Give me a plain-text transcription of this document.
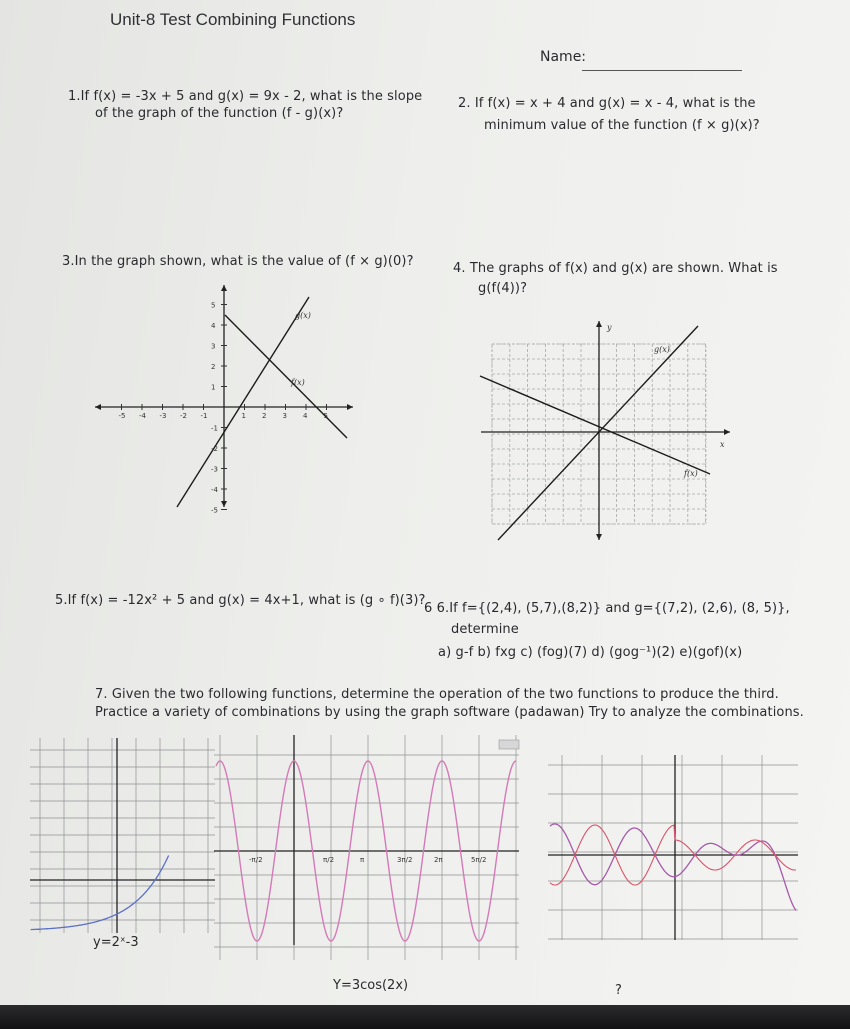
Unit-8 Test Combining Functions
Name:
1.If f(x) = -3x + 5 and g(x) = 9x - 2, what is the slope
of the graph of the function (f - g)(x)?
2. If f(x) = x + 4 and g(x) = x - 4, what is the
minimum value of the function (f × g)(x)?
3.In the graph shown, what is the value of (f × g)(0)?	4. The graphs of f(x) and g(x) are shown. What is
g(f(4))?
-5 -4 -3 -2 -1	1 2 3 4 5
5
4
3
2
1
-1
-2
-3
-4
-5
g(x)
f(x)
y
x
g(x)
f(x)
5.If f(x) = -12x² + 5 and g(x) = 4x+1, what is (g ∘ f)(3)?
6 6.If f={(2,4), (5,7),(8,2)} and g={(7,2), (2,6), (8, 5)},
determine
a) g-f b) fxg c) (fog)(7) d) (gog⁻¹)(2) e)(gof)(x)
7. Given the two following functions, determine the operation of the two functions to produce the third.
Practice a variety of combinations by using the graph software (padawan) Try to analyze the combinations.
y=2ˣ-3
-π/2	π/2	π	3π/2	2π	5π/2
Y=3cos(2x)	?
